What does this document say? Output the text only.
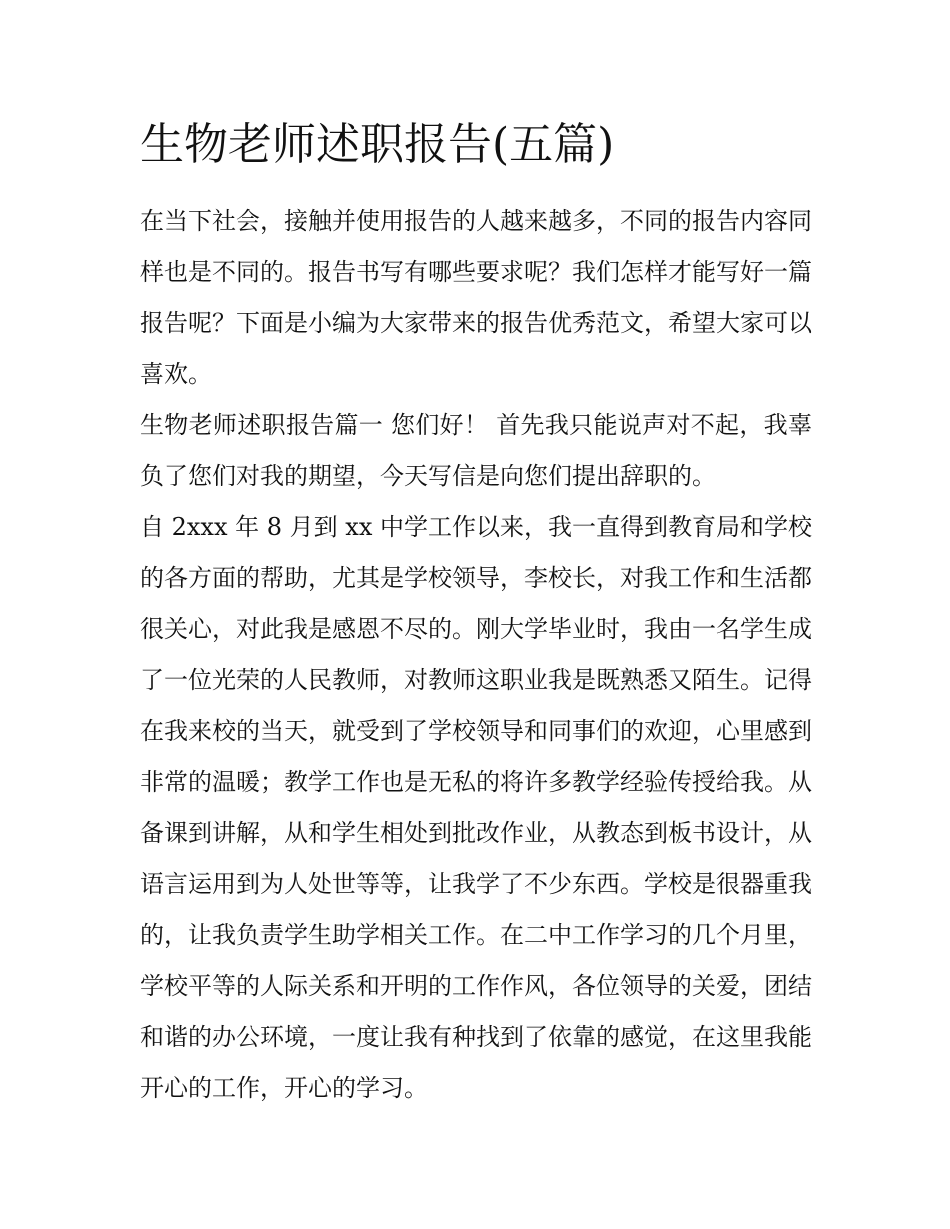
生物老师述职报告(五篇)

在当下社会，接触并使用报告的人越来越多，不同的报告内容同样也是不同的。报告书写有哪些要求呢？我们怎样才能写好一篇报告呢？下面是小编为大家带来的报告优秀范文，希望大家可以喜欢。

生物老师述职报告篇一 您们好！ 首先我只能说声对不起，我辜负了您们对我的期望，今天写信是向您们提出辞职的。

自 2xxx 年 8 月到 xx 中学工作以来，我一直得到教育局和学校的各方面的帮助，尤其是学校领导，李校长，对我工作和生活都很关心，对此我是感恩不尽的。刚大学毕业时，我由一名学生成了一位光荣的人民教师，对教师这职业我是既熟悉又陌生。记得在我来校的当天，就受到了学校领导和同事们的欢迎，心里感到非常的温暖；教学工作也是无私的将许多教学经验传授给我。从备课到讲解，从和学生相处到批改作业，从教态到板书设计，从语言运用到为人处世等等，让我学了不少东西。学校是很器重我的，让我负责学生助学相关工作。在二中工作学习的几个月里，学校平等的人际关系和开明的工作作风，各位领导的关爱，团结和谐的办公环境，一度让我有种找到了依靠的感觉，在这里我能开心的工作，开心的学习。
